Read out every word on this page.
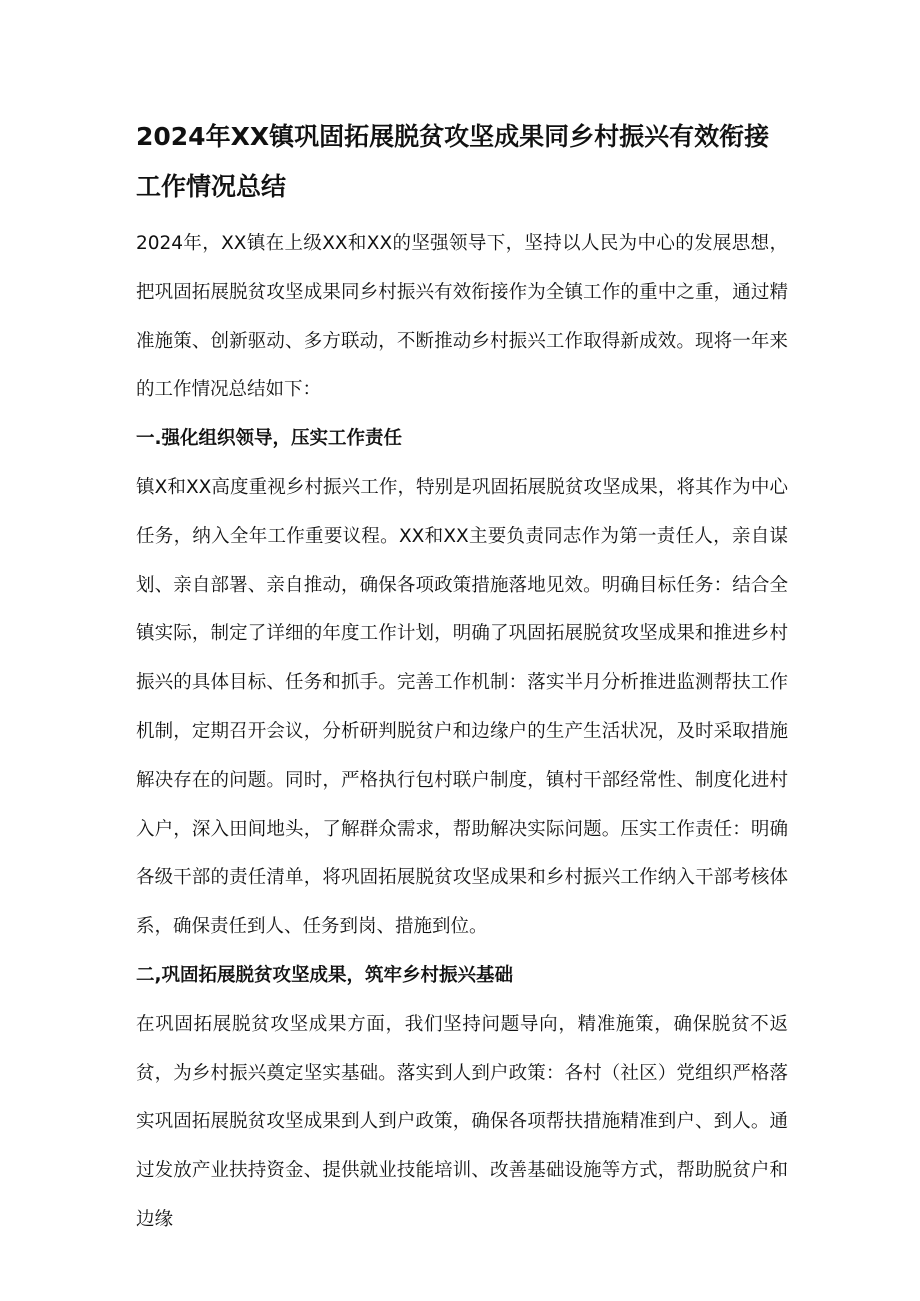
2024年XX镇巩固拓展脱贫攻坚成果同乡村振兴有效衔接工作情况总结

2024年，XX镇在上级XX和XX的坚强领导下，坚持以人民为中心的发展思想，把巩固拓展脱贫攻坚成果同乡村振兴有效衔接作为全镇工作的重中之重，通过精准施策、创新驱动、多方联动，不断推动乡村振兴工作取得新成效。现将一年来的工作情况总结如下：

一.强化组织领导，压实工作责任

镇X和XX高度重视乡村振兴工作，特别是巩固拓展脱贫攻坚成果，将其作为中心任务，纳入全年工作重要议程。XX和XX主要负责同志作为第一责任人，亲自谋划、亲自部署、亲自推动，确保各项政策措施落地见效。明确目标任务：结合全镇实际，制定了详细的年度工作计划，明确了巩固拓展脱贫攻坚成果和推进乡村振兴的具体目标、任务和抓手。完善工作机制：落实半月分析推进监测帮扶工作机制，定期召开会议，分析研判脱贫户和边缘户的生产生活状况，及时采取措施解决存在的问题。同时，严格执行包村联户制度，镇村干部经常性、制度化进村入户，深入田间地头，了解群众需求，帮助解决实际问题。压实工作责任：明确各级干部的责任清单，将巩固拓展脱贫攻坚成果和乡村振兴工作纳入干部考核体系，确保责任到人、任务到岗、措施到位。

二,巩固拓展脱贫攻坚成果，筑牢乡村振兴基础

在巩固拓展脱贫攻坚成果方面，我们坚持问题导向，精准施策，确保脱贫不返贫，为乡村振兴奠定坚实基础。落实到人到户政策：各村（社区）党组织严格落实巩固拓展脱贫攻坚成果到人到户政策，确保各项帮扶措施精准到户、到人。通过发放产业扶持资金、提供就业技能培训、改善基础设施等方式，帮助脱贫户和边缘
